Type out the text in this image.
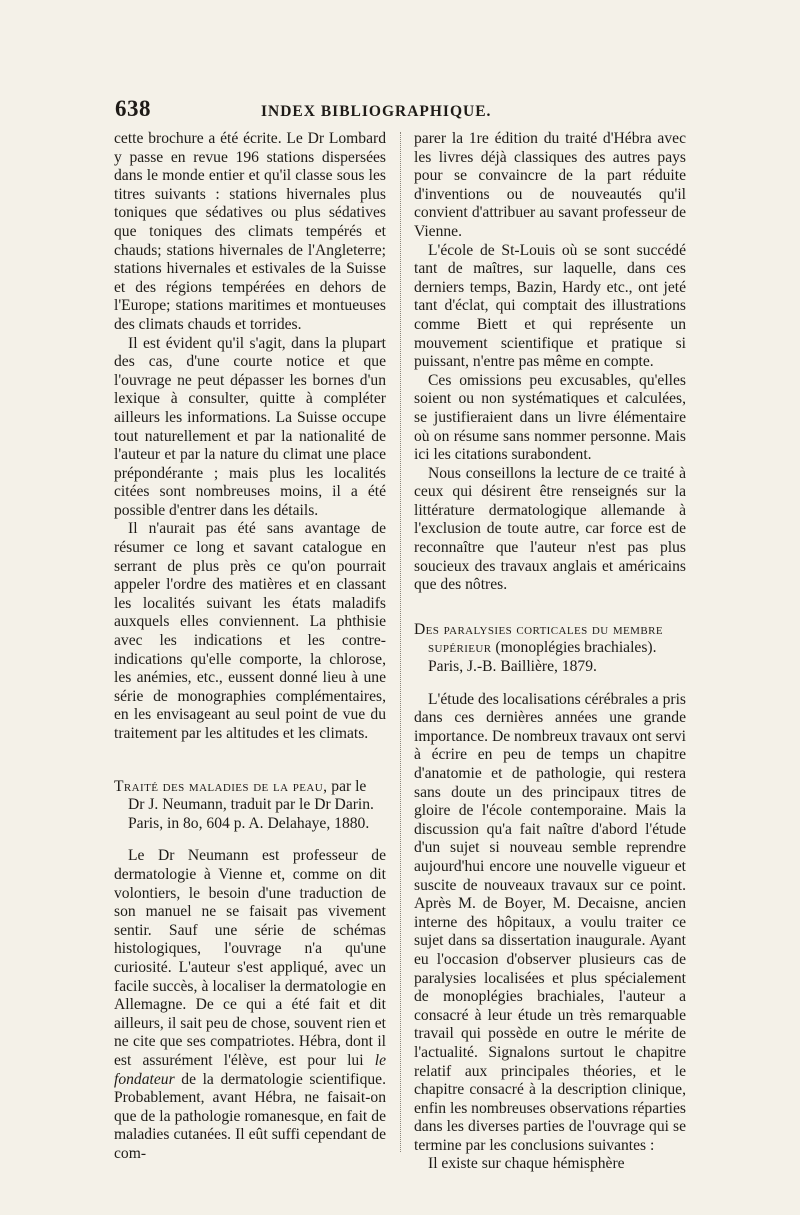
638	INDEX BIBLIOGRAPHIQUE.

cette brochure a été écrite. Le Dr Lombard y passe en revue 196 stations dispersées dans le monde entier et qu'il classe sous les titres suivants : stations hivernales plus toniques que sédatives ou plus sédatives que toniques des climats tempérés et chauds; stations hivernales de l'Angleterre; stations hivernales et estivales de la Suisse et des régions tempérées en dehors de l'Europe; stations maritimes et montueuses des climats chauds et torrides.

Il est évident qu'il s'agit, dans la plupart des cas, d'une courte notice et que l'ouvrage ne peut dépasser les bornes d'un lexique à consulter, quitte à compléter ailleurs les informations. La Suisse occupe tout naturellement et par la nationalité de l'auteur et par la nature du climat une place prépondérante ; mais plus les localités citées sont nombreuses moins, il a été possible d'entrer dans les détails.

Il n'aurait pas été sans avantage de résumer ce long et savant catalogue en serrant de plus près ce qu'on pourrait appeler l'ordre des matières et en classant les localités suivant les états maladifs auxquels elles conviennent. La phthisie avec les indications et les contre-indications qu'elle comporte, la chlorose, les anémies, etc., eussent donné lieu à une série de monographies complémentaires, en les envisageant au seul point de vue du traitement par les altitudes et les climats.

Traité des maladies de la peau, par le Dr J. Neumann, traduit par le Dr Darin. Paris, in 8o, 604 p. A. Delahaye, 1880.

Le Dr Neumann est professeur de dermatologie à Vienne et, comme on dit volontiers, le besoin d'une traduction de son manuel ne se faisait pas vivement sentir. Sauf une série de schémas histologiques, l'ouvrage n'a qu'une curiosité. L'auteur s'est appliqué, avec un facile succès, à localiser la dermatologie en Allemagne. De ce qui a été fait et dit ailleurs, il sait peu de chose, souvent rien et ne cite que ses compatriotes. Hébra, dont il est assurément l'élève, est pour lui le fondateur de la dermatologie scientifique. Probablement, avant Hébra, ne faisait-on que de la pathologie romanesque, en fait de maladies cutanées. Il eût suffi cependant de com-

parer la 1re édition du traité d'Hébra avec les livres déjà classiques des autres pays pour se convaincre de la part réduite d'inventions ou de nouveautés qu'il convient d'attribuer au savant professeur de Vienne.

L'école de St-Louis où se sont succédé tant de maîtres, sur laquelle, dans ces derniers temps, Bazin, Hardy etc., ont jeté tant d'éclat, qui comptait des illustrations comme Biett et qui représente un mouvement scientifique et pratique si puissant, n'entre pas même en compte.

Ces omissions peu excusables, qu'elles soient ou non systématiques et calculées, se justifieraient dans un livre élémentaire où on résume sans nommer personne. Mais ici les citations surabondent.

Nous conseillons la lecture de ce traité à ceux qui désirent être renseignés sur la littérature dermatologique allemande à l'exclusion de toute autre, car force est de reconnaître que l'auteur n'est pas plus soucieux des travaux anglais et américains que des nôtres.

Des paralysies corticales du membre supérieur (monoplégies brachiales). Paris, J.-B. Baillière, 1879.

L'étude des localisations cérébrales a pris dans ces dernières années une grande importance. De nombreux travaux ont servi à écrire en peu de temps un chapitre d'anatomie et de pathologie, qui restera sans doute un des principaux titres de gloire de l'école contemporaine. Mais la discussion qu'a fait naître d'abord l'étude d'un sujet si nouveau semble reprendre aujourd'hui encore une nouvelle vigueur et suscite de nouveaux travaux sur ce point. Après M. de Boyer, M. Decaisne, ancien interne des hôpitaux, a voulu traiter ce sujet dans sa dissertation inaugurale. Ayant eu l'occasion d'observer plusieurs cas de paralysies localisées et plus spécialement de monoplégies brachiales, l'auteur a consacré à leur étude un très remarquable travail qui possède en outre le mérite de l'actualité. Signalons surtout le chapitre relatif aux principales théories, et le chapitre consacré à la description clinique, enfin les nombreuses observations réparties dans les diverses parties de l'ouvrage qui se termine par les conclusions suivantes :

Il existe sur chaque hémisphère
